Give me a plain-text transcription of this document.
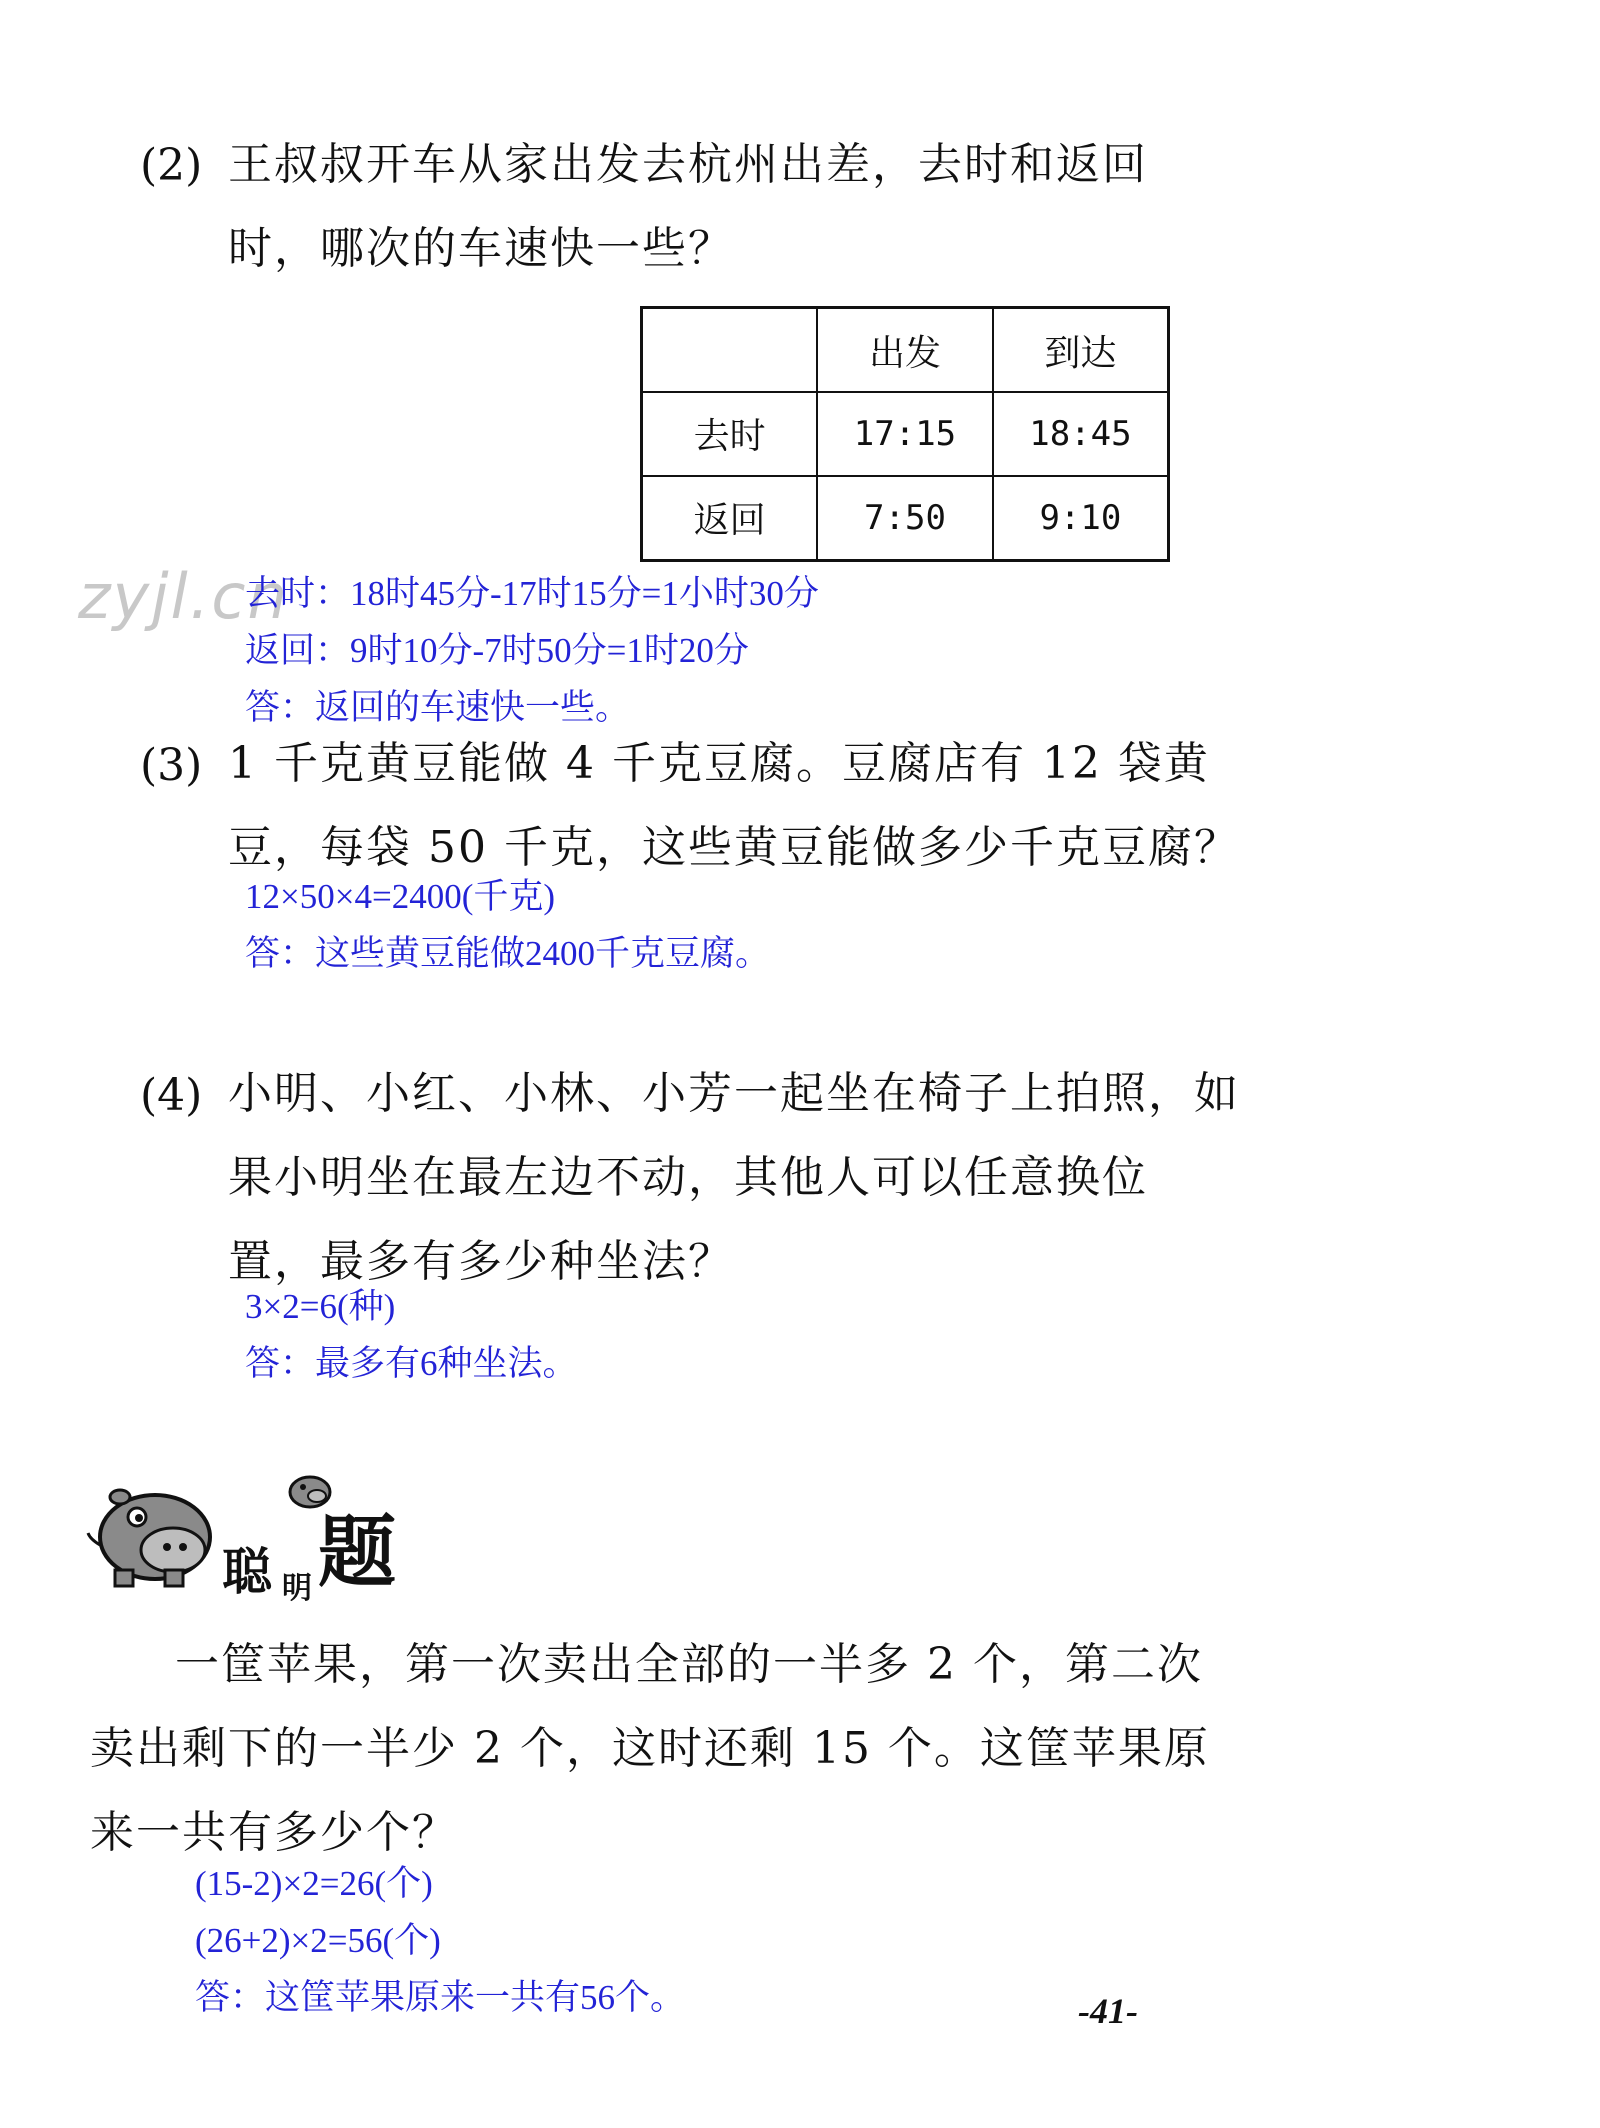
(2) 王叔叔开车从家出发去杭州出差，去时和返回
时，哪次的车速快一些？
	出发	到达
去时	17:15	18:45
返回	7:50	9:10
zyjl.cn
去时：18时45分-17时15分=1小时30分
返回：9时10分-7时50分=1时20分
答：返回的车速快一些。
(3) 1 千克黄豆能做 4 千克豆腐。豆腐店有 12 袋黄
豆，每袋 50 千克，这些黄豆能做多少千克豆腐？
12×50×4=2400(千克)
答：这些黄豆能做2400千克豆腐。
(4) 小明、小红、小林、小芳一起坐在椅子上拍照，如
果小明坐在最左边不动，其他人可以任意换位
置，最多有多少种坐法？
3×2=6(种)
答：最多有6种坐法。
聪 明 题
一筐苹果，第一次卖出全部的一半多 2 个，第二次
卖出剩下的一半少 2 个，这时还剩 15 个。这筐苹果原
来一共有多少个？
(15-2)×2=26(个)
(26+2)×2=56(个)
答：这筐苹果原来一共有56个。	-41-
